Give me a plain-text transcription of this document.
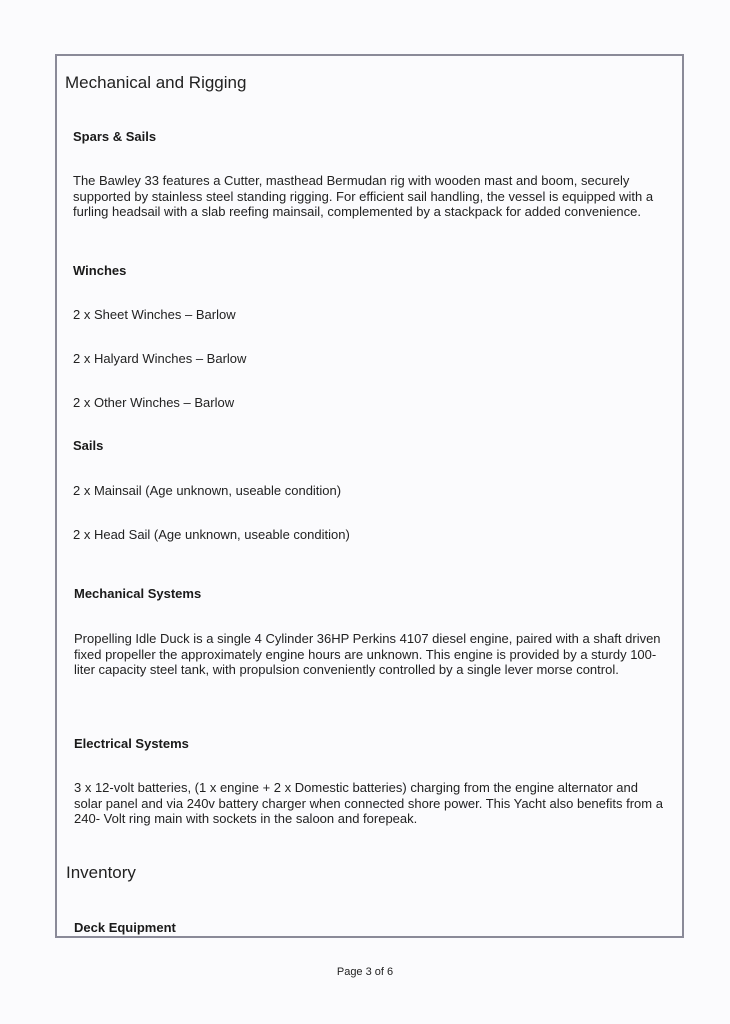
Mechanical and Rigging
Spars & Sails

The Bawley 33 features a Cutter, masthead Bermudan rig with wooden mast and boom, securely supported by stainless steel standing rigging. For efficient sail handling, the vessel is equipped with a furling headsail with a slab reefing mainsail, complemented by a stackpack for added convenience.

Winches

2 x Sheet Winches – Barlow

2 x Halyard Winches – Barlow

2 x Other Winches – Barlow

Sails

2 x Mainsail (Age unknown, useable condition)

2 x Head Sail (Age unknown, useable condition)

Mechanical Systems

Propelling Idle Duck is a single 4 Cylinder 36HP Perkins 4107 diesel engine, paired with a shaft driven fixed propeller the approximately engine hours are unknown. This engine is provided by a sturdy 100-liter capacity steel tank, with propulsion conveniently controlled by a single lever morse control.

Electrical Systems

3 x 12-volt batteries, (1 x engine + 2 x Domestic batteries) charging from the engine alternator and solar panel and via 240v battery charger when connected shore power. This Yacht also benefits from a 240- Volt ring main with sockets in the saloon and forepeak.

Inventory
Deck Equipment
Page 3 of 6
